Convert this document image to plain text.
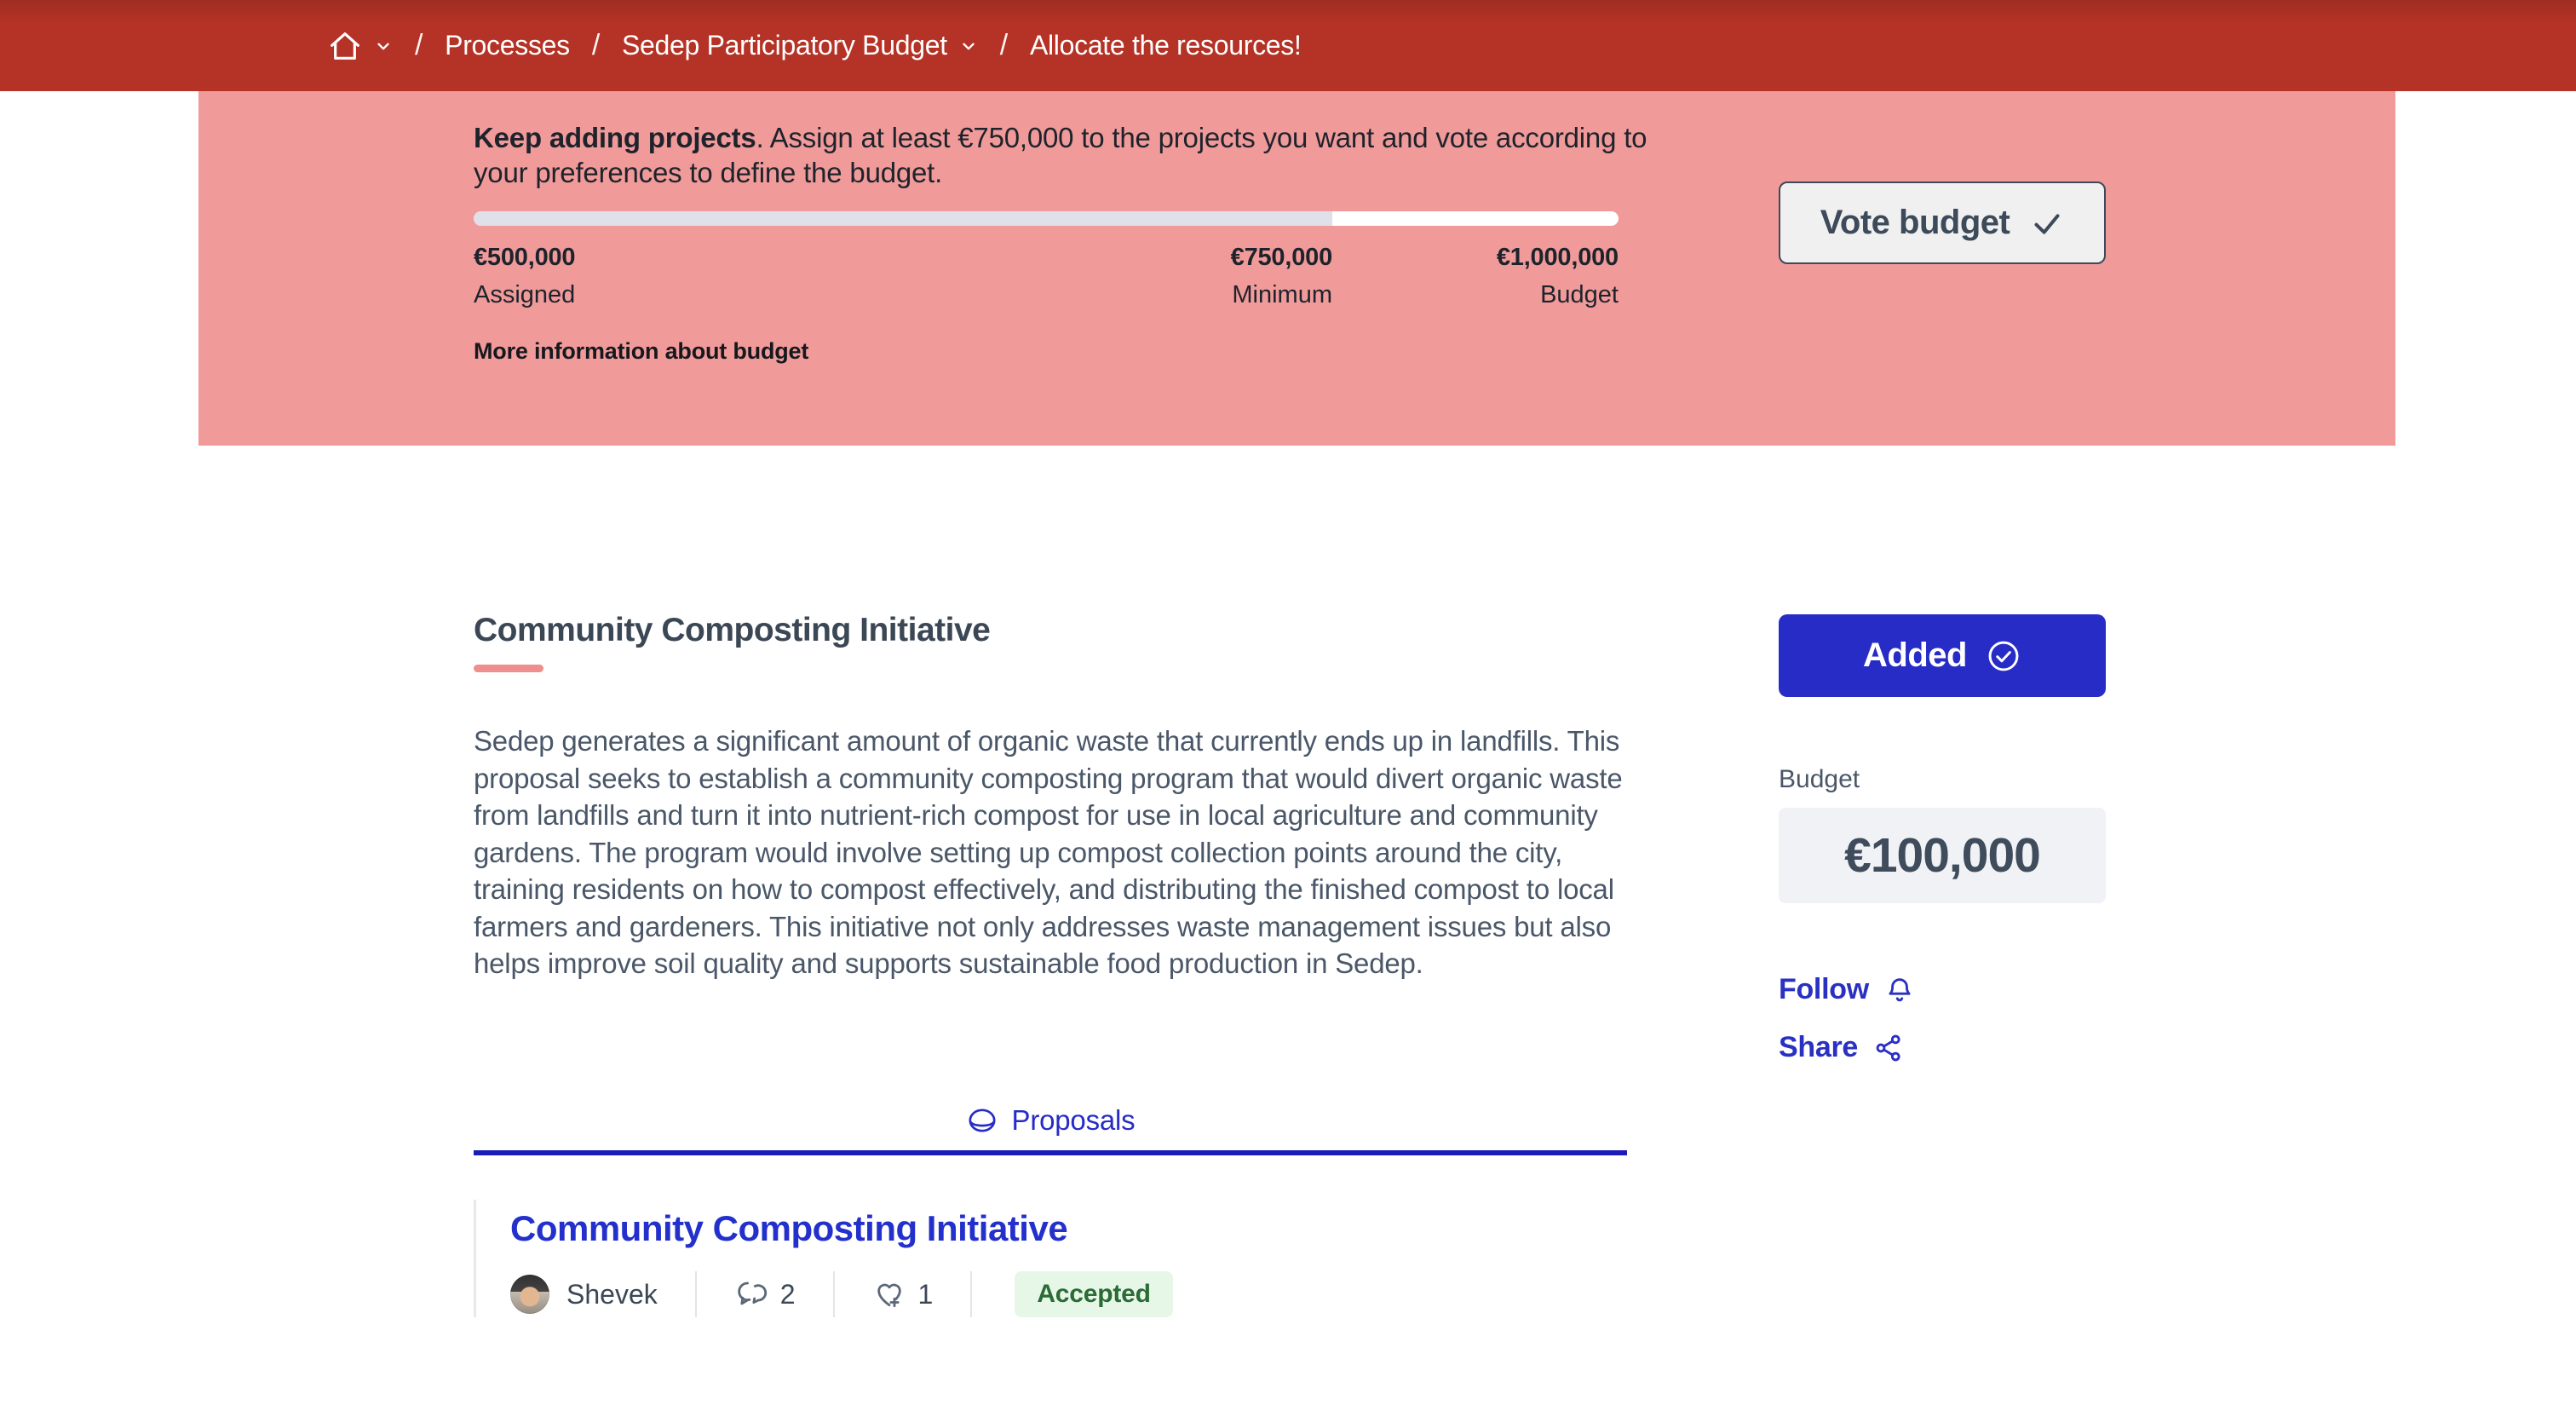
/ Processes / Sedep Participatory Budget / Allocate the resources!

Keep adding projects. Assign at least €750,000 to the projects you want and vote according to your preferences to define the budget.

€500,000
Assigned
€750,000
Minimum
€1,000,000
Budget
More information about budget
Vote budget
Community Composting Initiative

Sedep generates a significant amount of organic waste that currently ends up in landfills. This proposal seeks to establish a community composting program that would divert organic waste from landfills and turn it into nutrient-rich compost for use in local agriculture and community gardens. The program would involve setting up compost collection points around the city, training residents on how to compost effectively, and distributing the finished compost to local farmers and gardeners. This initiative not only addresses waste management issues but also helps improve soil quality and supports sustainable food production in Sedep.

Proposals
Community Composting Initiative
Shevek	2	1	Accepted
Added
Budget
€100,000
Follow
Share
